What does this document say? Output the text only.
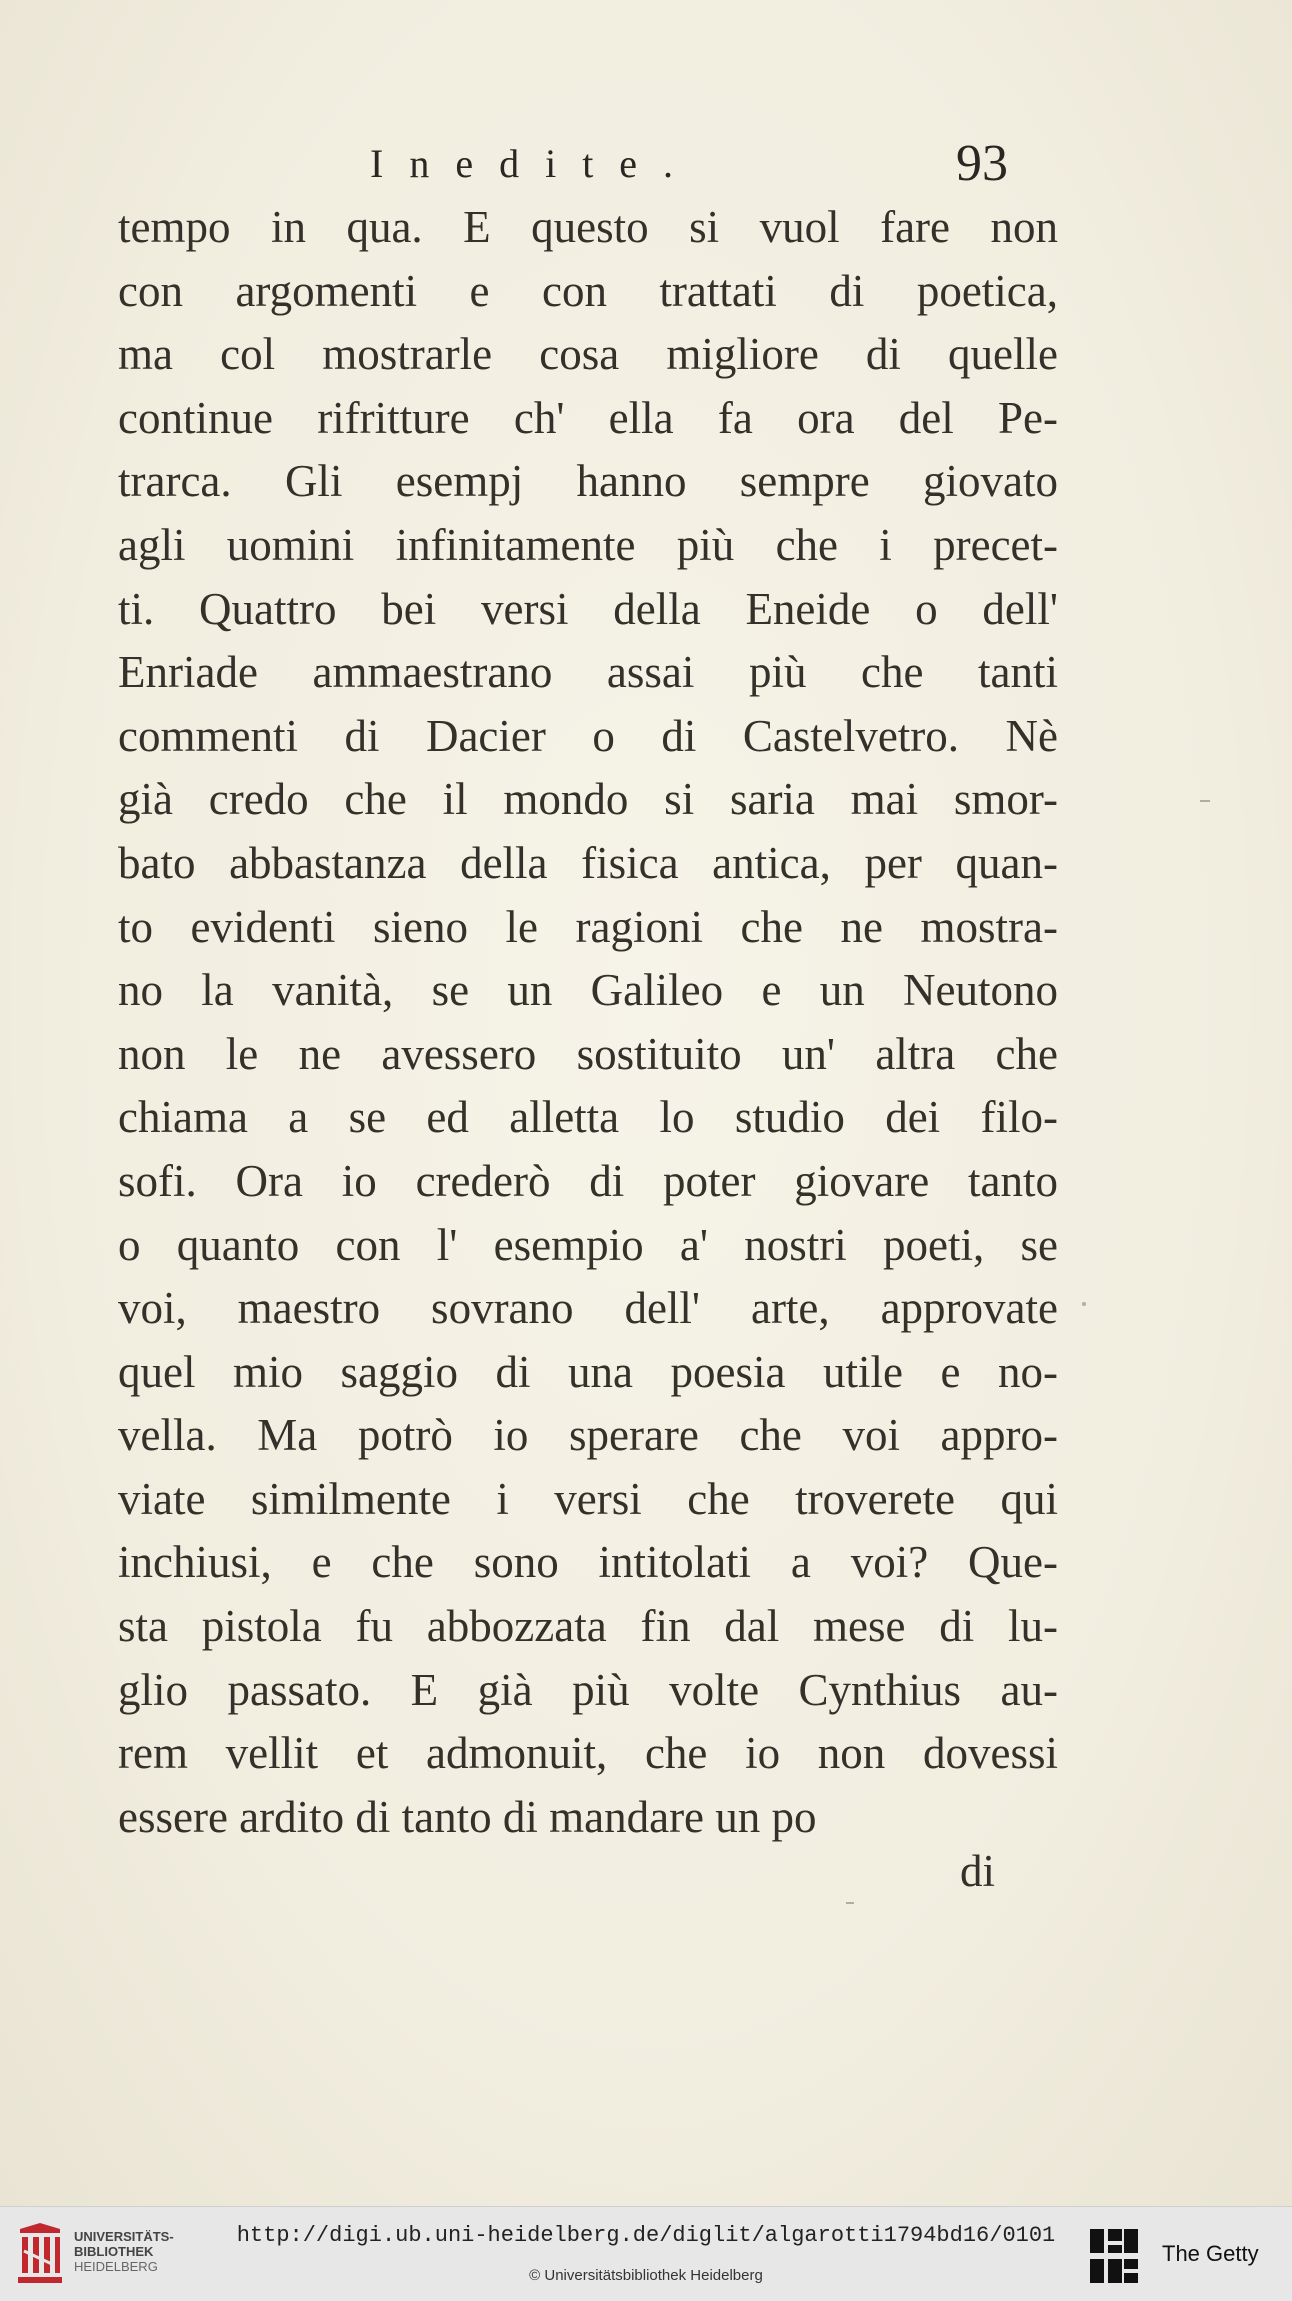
Inedite.	93
tempo in qua. E questo si vuol fare non
con argomenti e con trattati di poetica,
ma col mostrarle cosa migliore di quelle
continue rifritture ch' ella fa ora del Pe-
trarca. Gli esempj hanno sempre giovato
agli uomini infinitamente più che i precet-
ti. Quattro bei versi della Eneide o dell'
Enriade ammaestrano assai più che tanti
commenti di Dacier o di Castelvetro. Nè
già credo che il mondo si saria mai smor-
bato abbastanza della fisica antica, per quan-
to evidenti sieno le ragioni che ne mostra-
no la vanità, se un Galileo e un Neutono
non le ne avessero sostituito un' altra che
chiama a se ed alletta lo studio dei filo-
sofi. Ora io crederò di poter giovare tanto
o quanto con l' esempio a' nostri poeti, se
voi, maestro sovrano dell' arte, approvate
quel mio saggio di una poesia utile e no-
vella. Ma potrò io sperare che voi appro-
viate similmente i versi che troverete qui
inchiusi, e che sono intitolati a voi? Que-
sta pistola fu abbozzata fin dal mese di lu-
glio passato. E già più volte Cynthius au-
rem vellit et admonuit, che io non dovessi
essere ardito di tanto di mandare un po
di
UNIVERSITÄTS-
BIBLIOTHEK
HEIDELBERG
http://digi.ub.uni-heidelberg.de/diglit/algarotti1794bd16/0101
© Universitätsbibliothek Heidelberg
The Getty
